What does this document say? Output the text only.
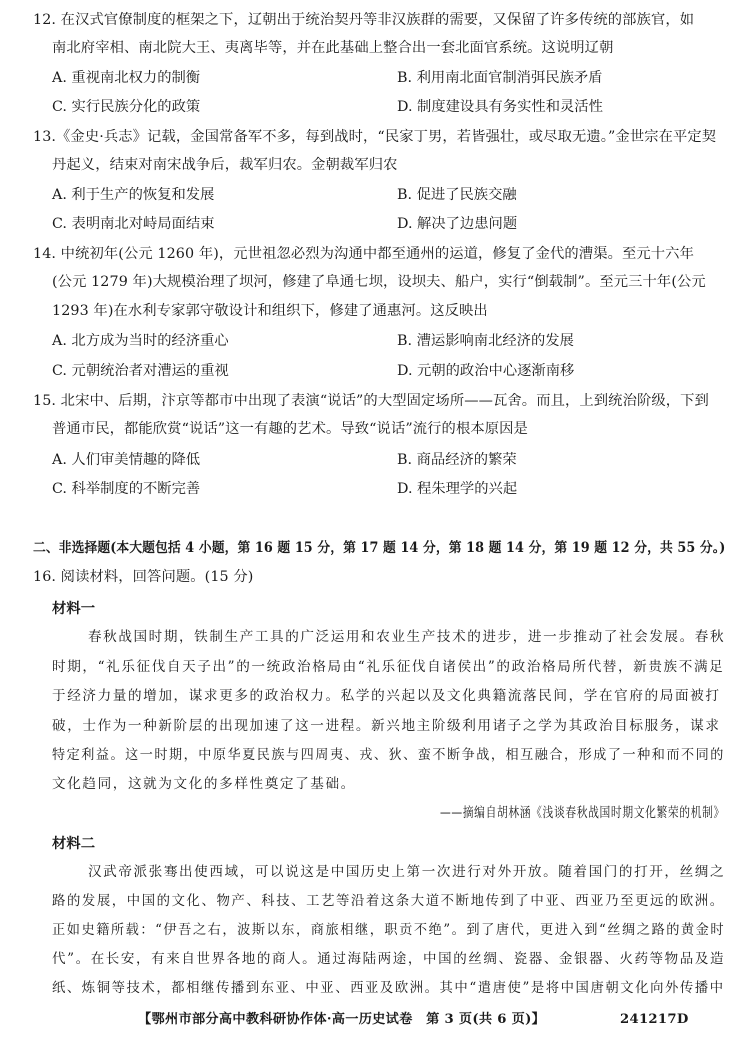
12. 在汉式官僚制度的框架之下，辽朝出于统治契丹等非汉族群的需要，又保留了许多传统的部族官，如
南北府宰相、南北院大王、夷离毕等，并在此基础上整合出一套北面官系统。这说明辽朝
A. 重视南北权力的制衡	B. 利用南北面官制消弭民族矛盾
C. 实行民族分化的政策	D. 制度建设具有务实性和灵活性
13.《金史·兵志》记载，金国常备军不多，每到战时，“民家丁男，若皆强壮，或尽取无遗。”金世宗在平定契
丹起义，结束对南宋战争后，裁军归农。金朝裁军归农
A. 利于生产的恢复和发展	B. 促进了民族交融
C. 表明南北对峙局面结束	D. 解决了边患问题
14. 中统初年(公元 1260 年)，元世祖忽必烈为沟通中都至通州的运道，修复了金代的漕渠。至元十六年
(公元 1279 年)大规模治理了坝河，修建了阜通七坝，设坝夫、船户，实行“倒载制”。至元三十年(公元
1293 年)在水利专家郭守敬设计和组织下，修建了通惠河。这反映出
A. 北方成为当时的经济重心	B. 漕运影响南北经济的发展
C. 元朝统治者对漕运的重视	D. 元朝的政治中心逐渐南移
15. 北宋中、后期，汴京等都市中出现了表演“说话”的大型固定场所——瓦舍。而且，上到统治阶级，下到
普通市民，都能欣赏“说话”这一有趣的艺术。导致“说话”流行的根本原因是
A. 人们审美情趣的降低	B. 商品经济的繁荣
C. 科举制度的不断完善	D. 程朱理学的兴起
二、非选择题(本大题包括 4 小题，第 16 题 15 分，第 17 题 14 分，第 18 题 14 分，第 19 题 12 分，共 55 分。)
16. 阅读材料，回答问题。(15 分)
材料一
春秋战国时期，铁制生产工具的广泛运用和农业生产技术的进步，进一步推动了社会发展。春秋
时期，“礼乐征伐自天子出”的一统政治格局由“礼乐征伐自诸侯出”的政治格局所代替，新贵族不满足
于经济力量的增加，谋求更多的政治权力。私学的兴起以及文化典籍流落民间，学在官府的局面被打
破，士作为一种新阶层的出现加速了这一进程。新兴地主阶级利用诸子之学为其政治目标服务，谋求
特定利益。这一时期，中原华夏民族与四周夷、戎、狄、蛮不断争战，相互融合，形成了一种和而不同的
文化趋同，这就为文化的多样性奠定了基础。
——摘编自胡林涵《浅谈春秋战国时期文化繁荣的机制》
材料二
汉武帝派张骞出使西域，可以说这是中国历史上第一次进行对外开放。随着国门的打开，丝绸之
路的发展，中国的文化、物产、科技、工艺等沿着这条大道不断地传到了中亚、西亚乃至更远的欧洲。
正如史籍所载：“伊吾之右，波斯以东，商旅相继，职贡不绝”。到了唐代，更进入到“丝绸之路的黄金时
代”。在长安，有来自世界各地的商人。通过海陆两途，中国的丝绸、瓷器、金银器、火药等物品及造
纸、炼铜等技术，都相继传播到东亚、中亚、西亚及欧洲。其中“遣唐使”是将中国唐朝文化向外传播中
【鄂州市部分高中教科研协作体·高一历史试卷　第 3 页(共 6 页)】	241217D
